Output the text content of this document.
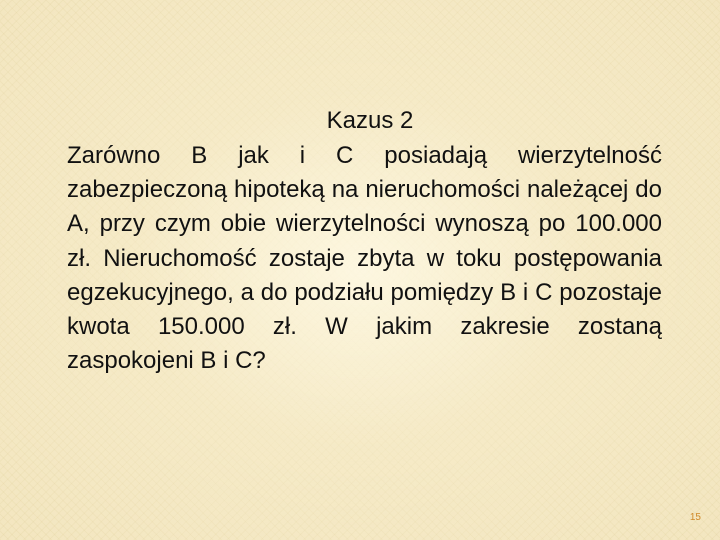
Kazus 2

Zarówno B jak i C posiadają wierzytelność zabezpieczoną hipoteką na nieruchomości należącej do A, przy czym obie wierzytelności wynoszą po 100.000 zł. Nieruchomość zostaje zbyta w toku postępowania egzekucyjnego, a do podziału pomiędzy B i C pozostaje kwota 150.000 zł. W jakim zakresie zostaną zaspokojeni B i C?

15
